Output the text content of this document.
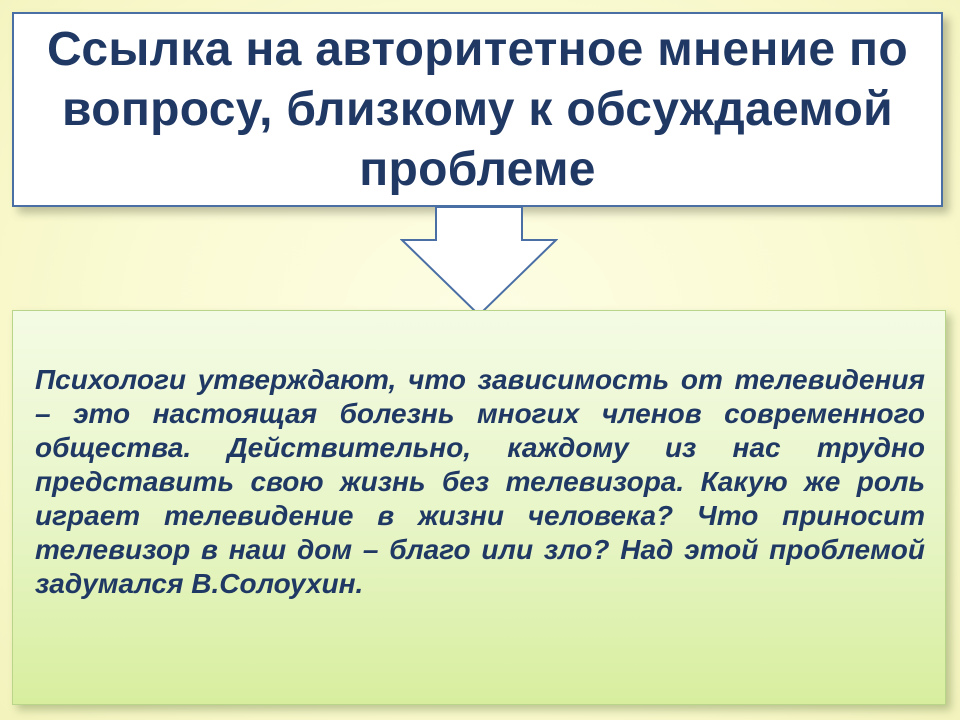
Ссылка на авторитетное мнение по вопросу, близкому к обсуждаемой проблеме

Психологи утверждают, что зависимость от телевидения – это настоящая болезнь многих членов современного общества. Действительно, каждому из нас трудно представить свою жизнь без телевизора. Какую же роль играет телевидение в жизни человека? Что приносит телевизор в наш дом – благо или зло? Над этой проблемой задумался В.Солоухин.
